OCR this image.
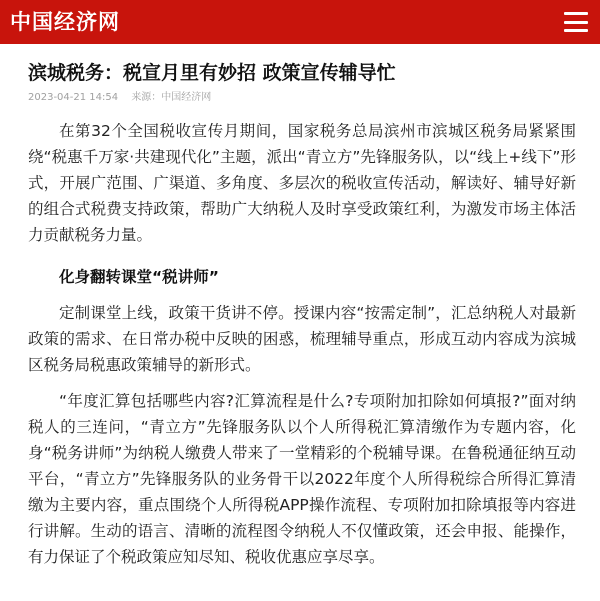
中国经济网
滨城税务：税宣月里有妙招 政策宣传辅导忙
2023-04-21 14:54 来源：中国经济网

在第32个全国税收宣传月期间，国家税务总局滨州市滨城区税务局紧紧围绕“税惠千万家·共建现代化”主题，派出“青立方”先锋服务队，以“线上+线下”形式，开展广范围、广渠道、多角度、多层次的税收宣传活动，解读好、辅导好新的组合式税费支持政策，帮助广大纳税人及时享受政策红利，为激发市场主体活力贡献税务力量。

化身翻转课堂“税讲师”

定制课堂上线，政策干货讲不停。授课内容“按需定制”，汇总纳税人对最新政策的需求、在日常办税中反映的困惑，梳理辅导重点，形成互动内容成为滨城区税务局税惠政策辅导的新形式。

“年度汇算包括哪些内容?汇算流程是什么?专项附加扣除如何填报?”面对纳税人的三连问，“青立方”先锋服务队以个人所得税汇算清缴作为专题内容，化身“税务讲师”为纳税人缴费人带来了一堂精彩的个税辅导课。在鲁税通征纳互动平台，“青立方”先锋服务队的业务骨干以2022年度个人所得税综合所得汇算清缴为主要内容，重点围绕个人所得税APP操作流程、专项附加扣除填报等内容进行讲解。生动的语言、清晰的流程图令纳税人不仅懂政策，还会申报、能操作，有力保证了个税政策应知尽知、税收优惠应享尽享。
